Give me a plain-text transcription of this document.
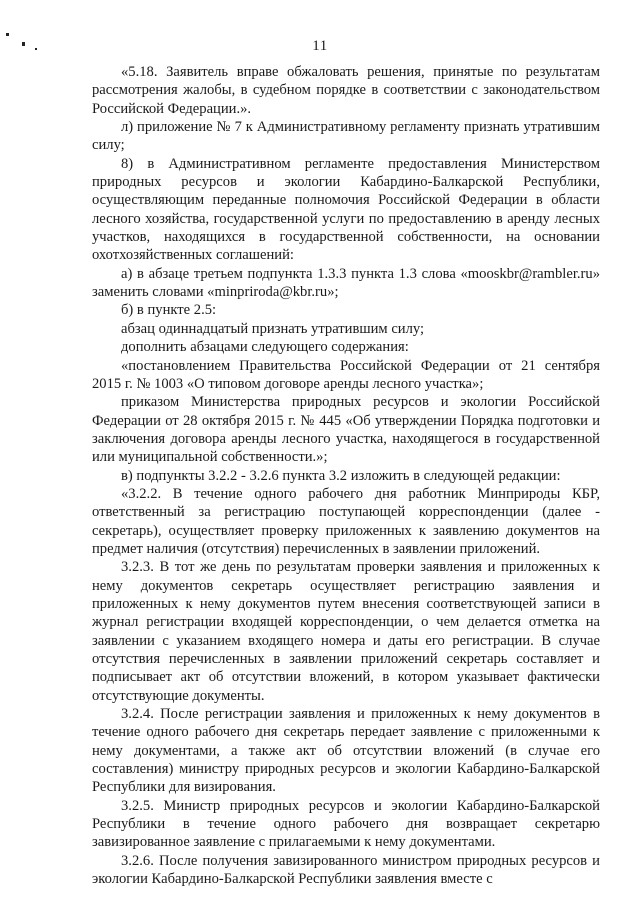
11

«5.18. Заявитель вправе обжаловать решения, принятые по результатам рассмотрения жалобы, в судебном порядке в соответствии с законодательством Российской Федерации.».

л) приложение № 7 к Административному регламенту признать утратившим силу;

8) в Административном регламенте предоставления Министерством природных ресурсов и экологии Кабардино-Балкарской Республики, осуществляющим переданные полномочия Российской Федерации в области лесного хозяйства, государственной услуги по предоставлению в аренду лесных участков, находящихся в государственной собственности, на основании охотхозяйственных соглашений:

а) в абзаце третьем подпункта 1.3.3 пункта 1.3 слова «mooskbr@rambler.ru» заменить словами «minpriroda@kbr.ru»;

б) в пункте 2.5:

абзац одиннадцатый признать утратившим силу;

дополнить абзацами следующего содержания:

«постановлением Правительства Российской Федерации от 21 сентября 2015 г. № 1003 «О типовом договоре аренды лесного участка»;

приказом Министерства природных ресурсов и экологии Российской Федерации от 28 октября 2015 г. № 445 «Об утверждении Порядка подготовки и заключения договора аренды лесного участка, находящегося в государственной или муниципальной собственности.»;

в) подпункты 3.2.2 - 3.2.6 пункта 3.2 изложить в следующей редакции:

«3.2.2. В течение одного рабочего дня работник Минприроды КБР, ответственный за регистрацию поступающей корреспонденции (далее - секретарь), осуществляет проверку приложенных к заявлению документов на предмет наличия (отсутствия) перечисленных в заявлении приложений.

3.2.3. В тот же день по результатам проверки заявления и приложенных к нему документов секретарь осуществляет регистрацию заявления и приложенных к нему документов путем внесения соответствующей записи в журнал регистрации входящей корреспонденции, о чем делается отметка на заявлении с указанием входящего номера и даты его регистрации. В случае отсутствия перечисленных в заявлении приложений секретарь составляет и подписывает акт об отсутствии вложений, в котором указывает фактически отсутствующие документы.

3.2.4. После регистрации заявления и приложенных к нему документов в течение одного рабочего дня секретарь передает заявление с приложенными к нему документами, а также акт об отсутствии вложений (в случае его составления) министру природных ресурсов и экологии Кабардино-Балкарской Республики для визирования.

3.2.5. Министр природных ресурсов и экологии Кабардино-Балкарской Республики в течение одного рабочего дня возвращает секретарю завизированное заявление с прилагаемыми к нему документами.

3.2.6. После получения завизированного министром природных ресурсов и экологии Кабардино-Балкарской Республики заявления вместе с
